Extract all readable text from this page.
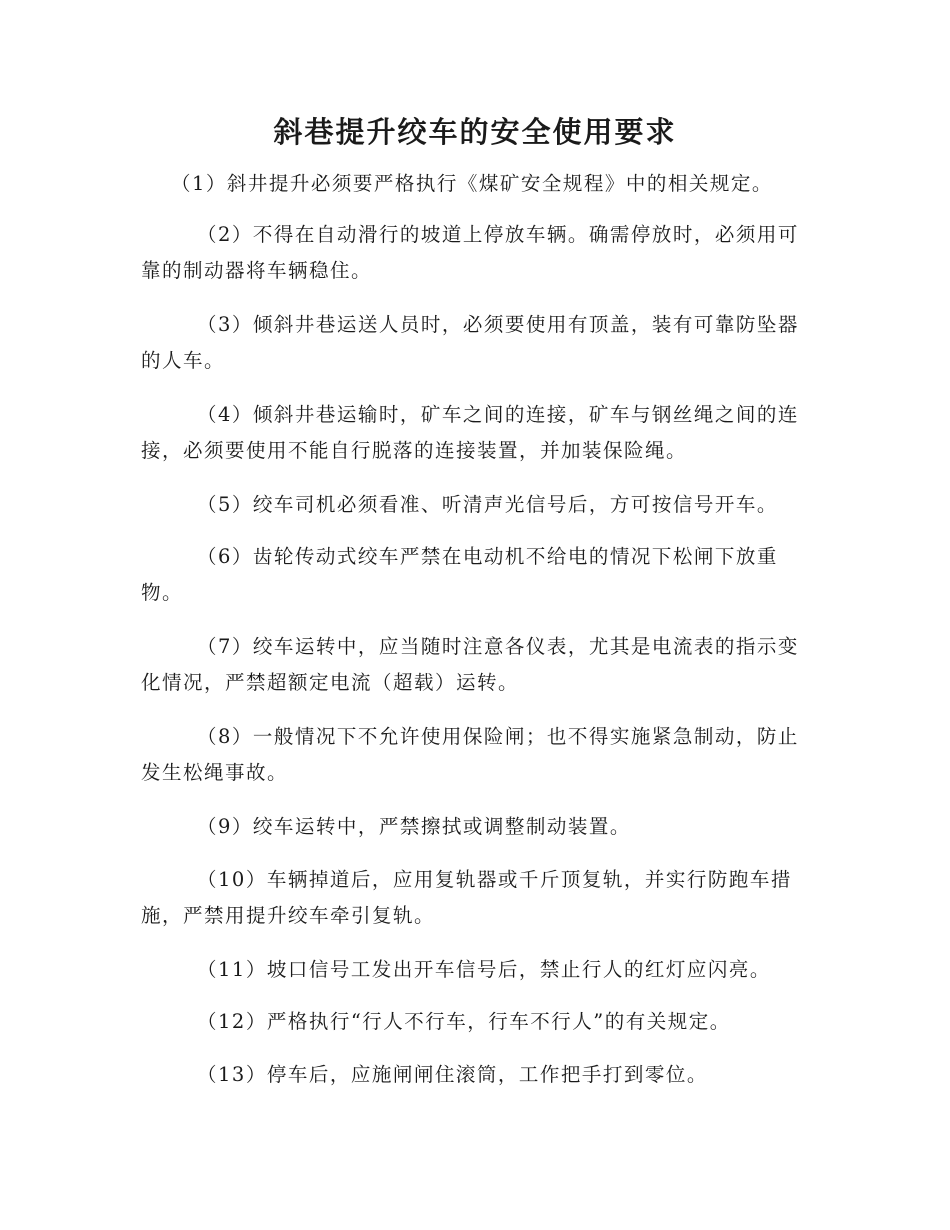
斜巷提升绞车的安全使用要求

（1）斜井提升必须要严格执行《煤矿安全规程》中的相关规定。

（2）不得在自动滑行的坡道上停放车辆。确需停放时，必须用可靠的制动器将车辆稳住。

（3）倾斜井巷运送人员时，必须要使用有顶盖，装有可靠防坠器的人车。

（4）倾斜井巷运输时，矿车之间的连接，矿车与钢丝绳之间的连接，必须要使用不能自行脱落的连接装置，并加装保险绳。

（5）绞车司机必须看准、听清声光信号后，方可按信号开车。

（6）齿轮传动式绞车严禁在电动机不给电的情况下松闸下放重物。

（7）绞车运转中，应当随时注意各仪表，尤其是电流表的指示变化情况，严禁超额定电流（超载）运转。

（8）一般情况下不允许使用保险闸；也不得实施紧急制动，防止发生松绳事故。

（9）绞车运转中，严禁擦拭或调整制动装置。

（10）车辆掉道后，应用复轨器或千斤顶复轨，并实行防跑车措施，严禁用提升绞车牵引复轨。

（11）坡口信号工发出开车信号后，禁止行人的红灯应闪亮。

（12）严格执行“行人不行车，行车不行人”的有关规定。

（13）停车后，应施闸闸住滚筒，工作把手打到零位。
